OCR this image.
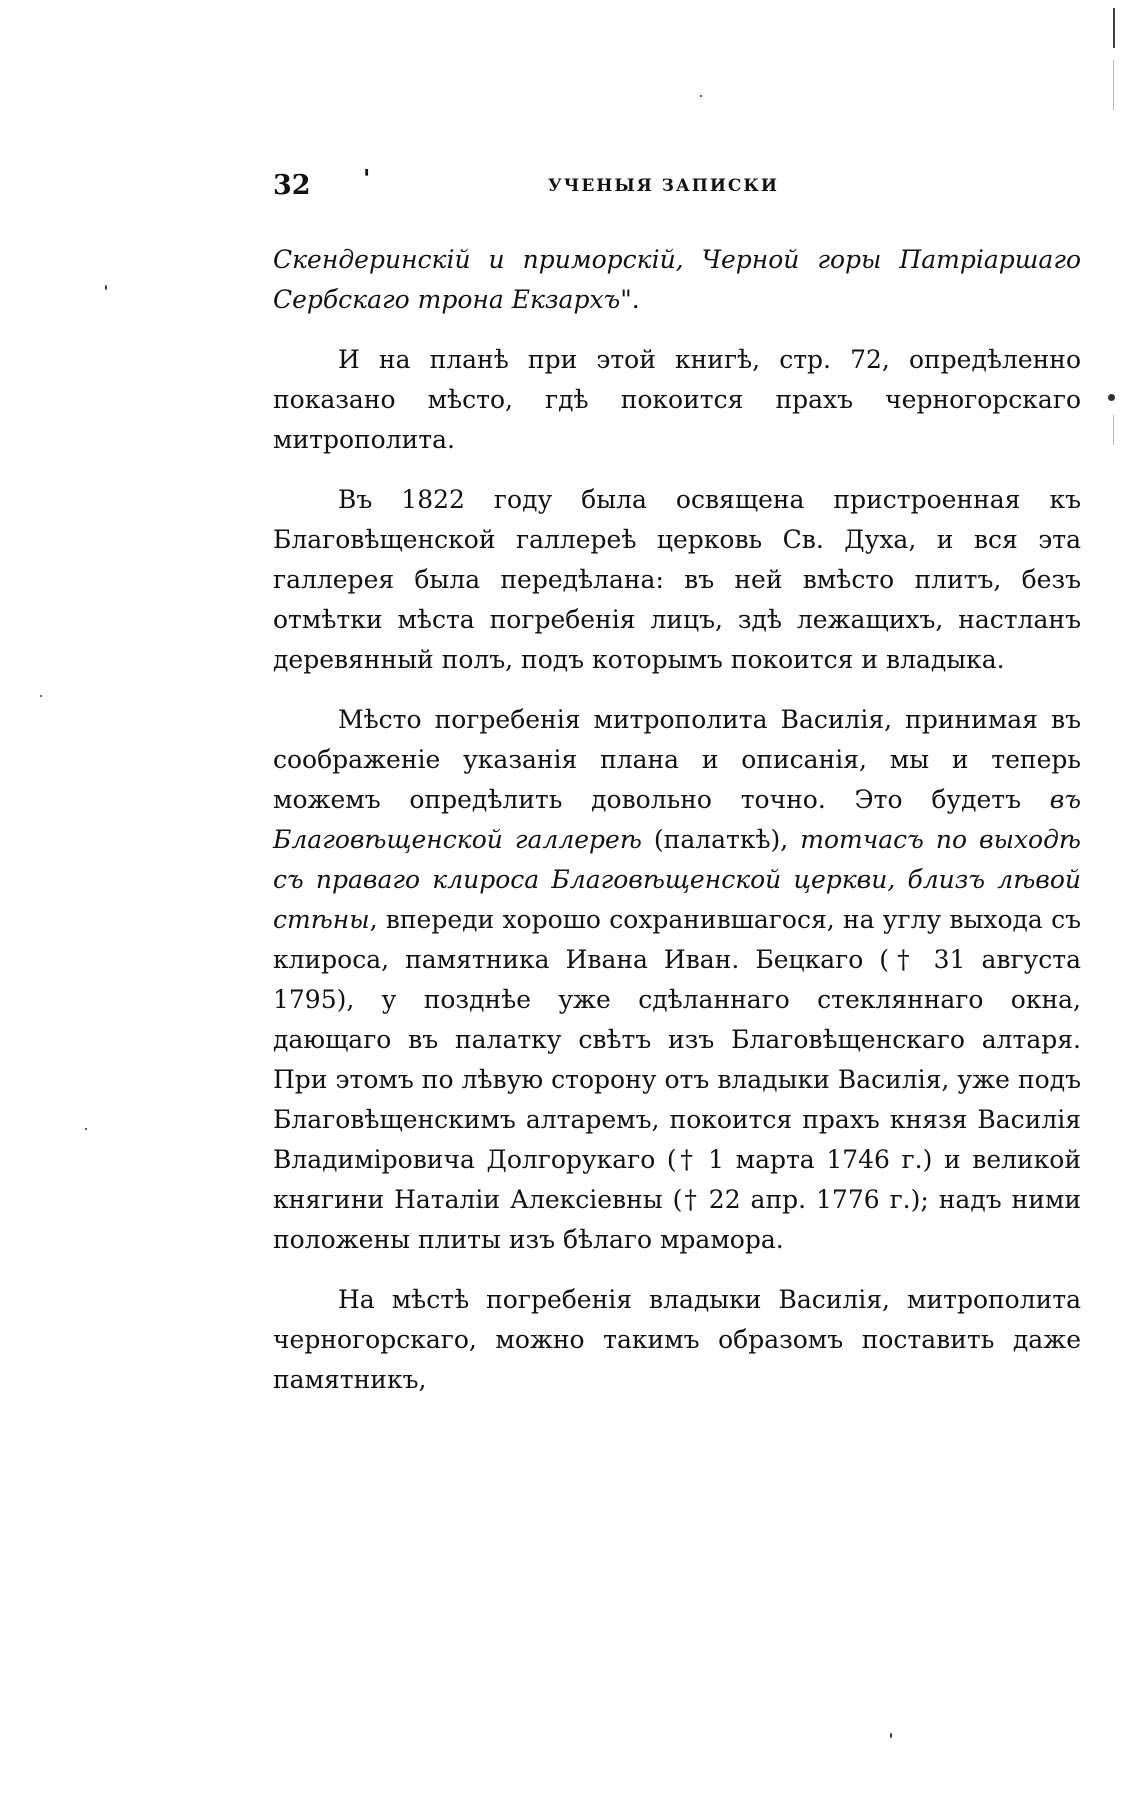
32 '	УЧЕНЫЯ ЗАПИСКИ

Скендеринскій и приморскій, Черной горы Патріаршаго Сербскаго трона Екзархъ".

И на планѣ при этой книгѣ, стр. 72, опредѣленно показано мѣсто, гдѣ покоится прахъ черногорскаго митрополита.

Въ 1822 году была освящена пристроенная къ Благовѣщенской галлереѣ церковь Св. Духа, и вся эта галлерея была передѣлана: въ ней вмѣсто плитъ, безъ отмѣтки мѣста погребенія лицъ, здѣ лежащихъ, настланъ деревянный полъ, подъ которымъ покоится и владыка.

Мѣсто погребенія митрополита Василія, принимая въ соображеніе указанія плана и описанія, мы и теперь можемъ опредѣлить довольно точно. Это будетъ въ Благовѣщенской галлереѣ (палаткѣ), тотчасъ по выходѣ съ праваго клироса Благовѣщенской церкви, близъ лѣвой стѣны, впереди хорошо сохранившагося, на углу выхода съ клироса, памятника Ивана Иван. Бецкаго († 31 августа 1795), у позднѣе уже сдѣланнаго стекляннаго окна, дающаго въ палатку свѣтъ изъ Благовѣщенскаго алтаря. При этомъ по лѣвую сторону отъ владыки Василія, уже подъ Благовѣщенскимъ алтаремъ, покоится прахъ князя Василія Владиміровича Долгорукаго († 1 марта 1746 г.) и великой княгини Наталіи Алексіевны († 22 апр. 1776 г.); надъ ними положены плиты изъ бѣлаго мрамора.

На мѣстѣ погребенія владыки Василія, митрополита черногорскаго, можно такимъ образомъ поставить даже памятникъ,
